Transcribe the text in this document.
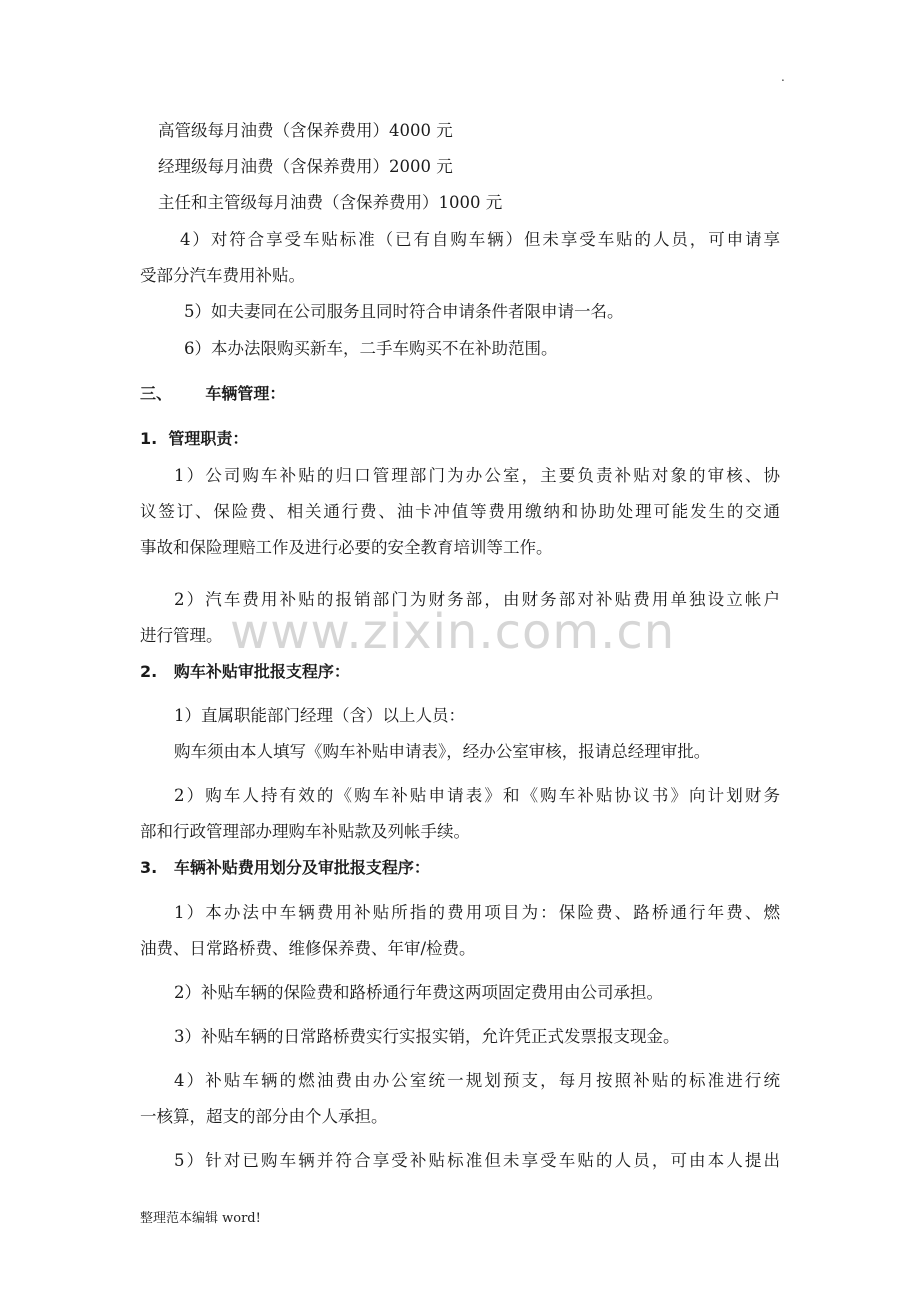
.
www.zixin.com.cn
高管级每月油费（含保养费用）4000 元
经理级每月油费（含保养费用）2000 元
主任和主管级每月油费（含保养费用）1000 元
4）对符合享受车贴标准（已有自购车辆）但未享受车贴的人员，可申请享
受部分汽车费用补贴。
5）如夫妻同在公司服务且同时符合申请条件者限申请一名。
6）本办法限购买新车，二手车购买不在补助范围。
三、      车辆管理：
1.  管理职责：
1）公司购车补贴的归口管理部门为办公室，主要负责补贴对象的审核、协
议签订、保险费、相关通行费、油卡冲值等费用缴纳和协助处理可能发生的交通
事故和保险理赔工作及进行必要的安全教育培训等工作。
2）汽车费用补贴的报销部门为财务部，由财务部对补贴费用单独设立帐户
进行管理。
2.   购车补贴审批报支程序：
1）直属职能部门经理（含）以上人员：
购车须由本人填写《购车补贴申请表》，经办公室审核，报请总经理审批。
2）购车人持有效的《购车补贴申请表》和《购车补贴协议书》向计划财务
部和行政管理部办理购车补贴款及列帐手续。
3.   车辆补贴费用划分及审批报支程序：
1）本办法中车辆费用补贴所指的费用项目为：保险费、路桥通行年费、燃
油费、日常路桥费、维修保养费、年审/检费。
2）补贴车辆的保险费和路桥通行年费这两项固定费用由公司承担。
3）补贴车辆的日常路桥费实行实报实销，允许凭正式发票报支现金。
4）补贴车辆的燃油费由办公室统一规划预支，每月按照补贴的标准进行统
一核算，超支的部分由个人承担。
5）针对已购车辆并符合享受补贴标准但未享受车贴的人员，可由本人提出
整理范本编辑 word!
